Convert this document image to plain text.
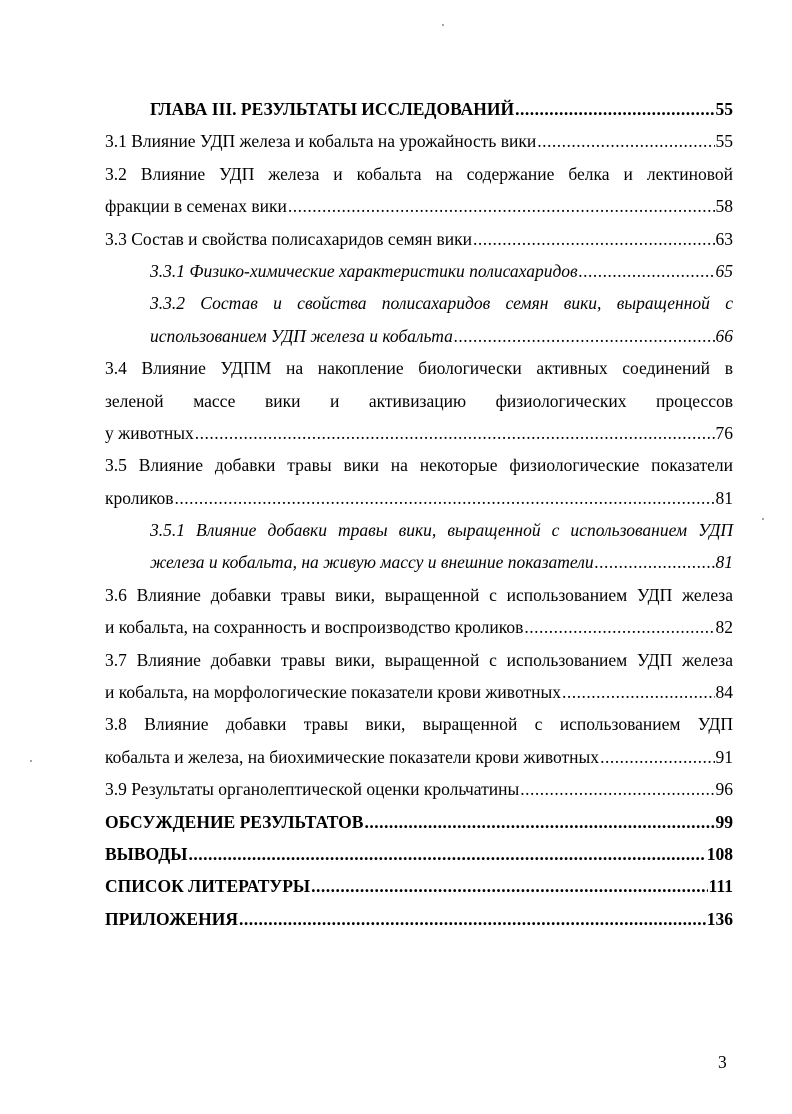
ГЛАВА III. РЕЗУЛЬТАТЫ ИССЛЕДОВАНИЙ .....	55
3.1 Влияние УДП железа и кобальта на урожайность вики .....	55
3.2 Влияние УДП железа и кобальта на содержание белка и лектиновой
фракции в семенах вики .....	58
3.3 Состав и свойства полисахаридов семян вики .....	63
3.3.1 Физико-химические характеристики полисахаридов .....	65
3.3.2 Состав и свойства полисахаридов семян вики, выращенной с
использованием УДП железа и кобальта .....	66
3.4 Влияние УДПМ на накопление биологически активных соединений в
зеленой массе вики и активизацию физиологических процессов
у животных .....	76
3.5 Влияние добавки травы вики на некоторые физиологические показатели
кроликов .....	81
3.5.1 Влияние добавки травы вики, выращенной с использованием УДП
железа и кобальта, на живую массу и внешние показатели .....	81
3.6 Влияние добавки травы вики, выращенной с использованием УДП железа
и кобальта, на сохранность и воспроизводство кроликов .....	82
3.7 Влияние добавки травы вики, выращенной с использованием УДП железа
и кобальта, на морфологические показатели крови животных .....	84
3.8 Влияние добавки травы вики, выращенной с использованием УДП
кобальта и железа, на биохимические показатели крови животных .....	91
3.9 Результаты органолептической оценки крольчатины .....	96
ОБСУЖДЕНИЕ РЕЗУЛЬТАТОВ .....	99
ВЫВОДЫ .....	108
СПИСОК ЛИТЕРАТУРЫ .....	111
ПРИЛОЖЕНИЯ .....	136
3
